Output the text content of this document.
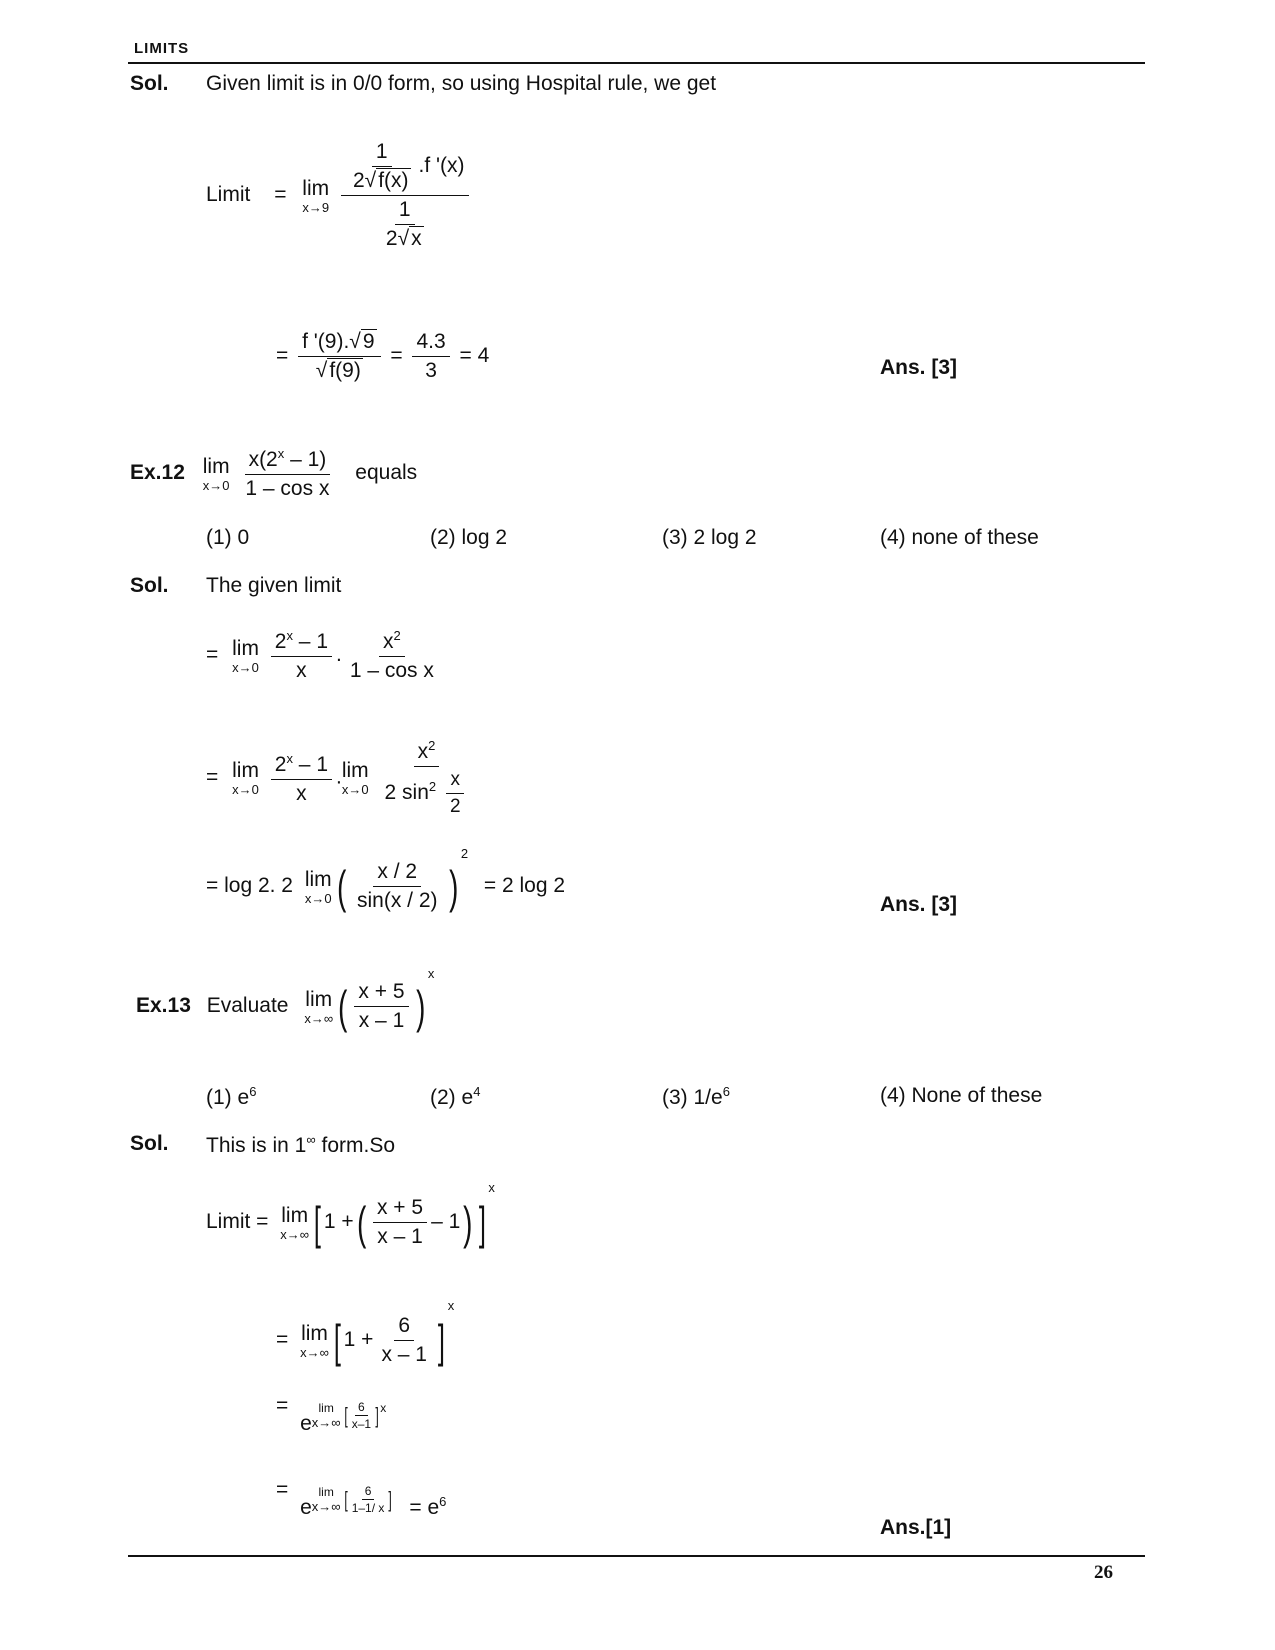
LIMITS
Sol. Given limit is in 0/0 form, so using Hospital rule, we get
Limit = lim
x→9
$\frac{\frac{1}{2√f(x)} .f '(x)}{\frac{1}{2√x}}$
= $\frac{f '(9).√9}{√f(9)} = \frac{4.3}{3} = 4$
Ans. [3]
Ex.12 lim
x→0
$\frac{x(2^x - 1)}{\text{1 – cos x}}$ equals
(1) 0	(2) log 2	(3) 2 log 2	(4) none of these
Sol. The given limit
= lim
x→0
$\frac{2^x - 1}{x}$ . $\frac{x^2}{\text{1 – cos x}}$
= lim
x→0
$\frac{2^x - 1}{x}$ . lim
x→0
$\frac{x^2}{2 \sin^2 \frac{x}{2}}$
= log 2. 2 lim
x→0 ( $\frac{x / 2}{\sin(x / 2)} )^2 = 2$ log 2
Ans. [3]
Ex.13 Evaluate lim
x→∞ ( $\frac{x + 5}{x - 1} )^x$
(1) $e^6$	(2) $e^4$	(3) $1/e^6$	(4) None of these
Sol. This is in 1∞ form.So
Limit = lim
x→∞ [ 1 +( $\frac{x + 5}{x - 1} - 1$) ]$^x$
= lim
x→∞ [ $1 + \frac{6}{x - 1} ]^x$
= e
lim
x→∞ [ $\frac{6}{x-1}$ ] x
= e
lim
x→∞ [ $\frac{6}{1-1/ x}$ ] = $e^6$
Ans.[1]
26
